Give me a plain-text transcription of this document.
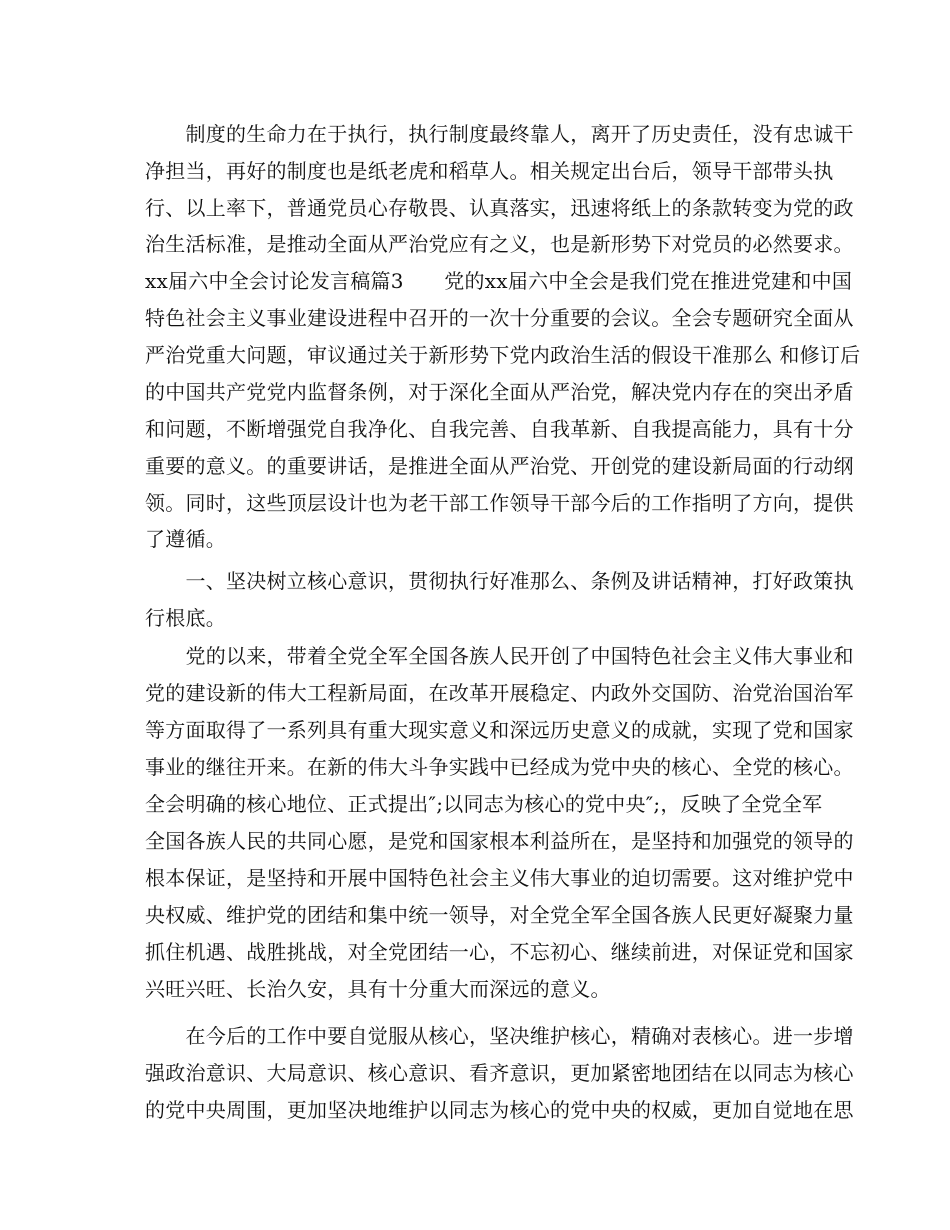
　　制度的生命力在于执行，执行制度最终靠人，离开了历史责任，没有忠诚干
净担当，再好的制度也是纸老虎和稻草人。相关规定出台后，领导干部带头执
行、以上率下，普通党员心存敬畏、认真落实，迅速将纸上的条款转变为党的政
治生活标准，是推动全面从严治党应有之义，也是新形势下对党员的必然要求。
xx届六中全会讨论发言稿篇3　　党的xx届六中全会是我们党在推进党建和中国
特色社会主义事业建设进程中召开的一次十分重要的会议。全会专题研究全面从
严治党重大问题，审议通过关于新形势下党内政治生活的假设干准那么 和修订后
的中国共产党党内监督条例，对于深化全面从严治党，解决党内存在的突出矛盾
和问题，不断增强党自我净化、自我完善、自我革新、自我提高能力，具有十分
重要的意义。的重要讲话，是推进全面从严治党、开创党的建设新局面的行动纲
领。同时，这些顶层设计也为老干部工作领导干部今后的工作指明了方向，提供
了遵循。
　　一、坚决树立核心意识，贯彻执行好准那么、条例及讲话精神，打好政策执
行根底。
　　党的以来，带着全党全军全国各族人民开创了中国特色社会主义伟大事业和
党的建设新的伟大工程新局面，在改革开展稳定、内政外交国防、治党治国治军
等方面取得了一系列具有重大现实意义和深远历史意义的成就，实现了党和国家
事业的继往开来。在新的伟大斗争实践中已经成为党中央的核心、全党的核心。
全会明确的核心地位、正式提出″;以同志为核心的党中央″;，反映了全党全军
全国各族人民的共同心愿，是党和国家根本利益所在，是坚持和加强党的领导的
根本保证，是坚持和开展中国特色社会主义伟大事业的迫切需要。这对维护党中
央权威、维护党的团结和集中统一领导，对全党全军全国各族人民更好凝聚力量
抓住机遇、战胜挑战，对全党团结一心，不忘初心、继续前进，对保证党和国家
兴旺兴旺、长治久安，具有十分重大而深远的意义。
　　在今后的工作中要自觉服从核心，坚决维护核心，精确对表核心。进一步增
强政治意识、大局意识、核心意识、看齐意识，更加紧密地团结在以同志为核心
的党中央周围，更加坚决地维护以同志为核心的党中央的权威，更加自觉地在思
